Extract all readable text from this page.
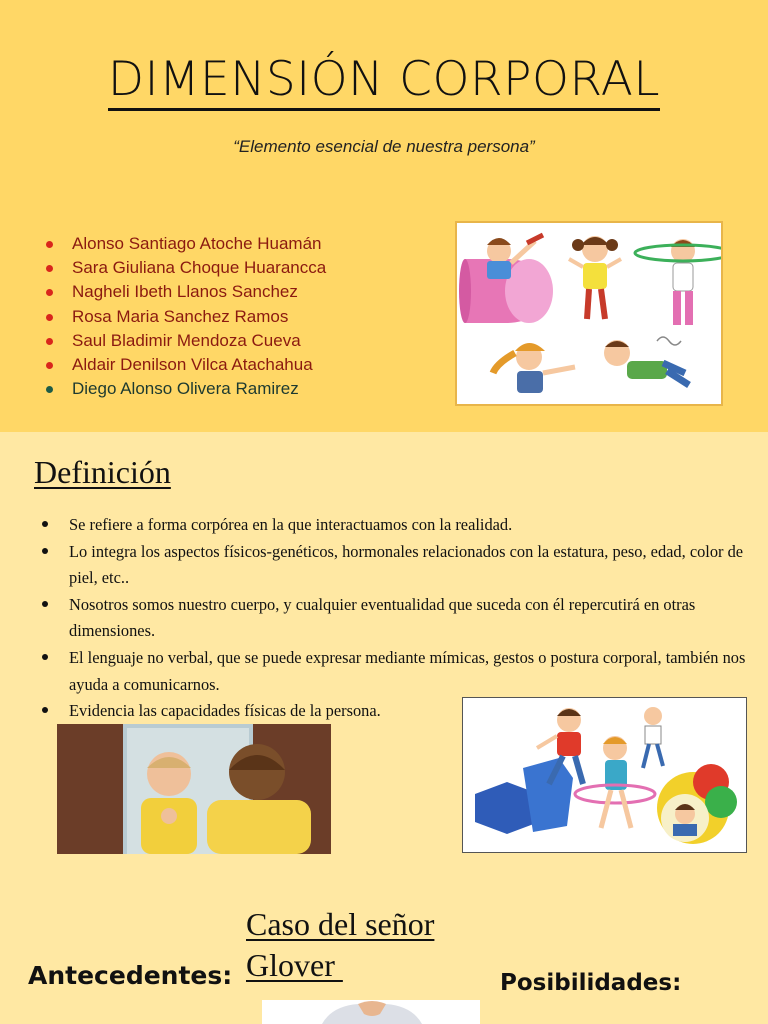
DIMENSIÓN CORPORAL
“Elemento esencial de nuestra persona”
Alonso Santiago Atoche Huamán
Sara Giuliana Choque Huarancca
Nagheli Ibeth Llanos Sanchez
Rosa Maria Sanchez Ramos
Saul Bladimir Mendoza Cueva
Aldair Denilson Vilca Atachahua
Diego Alonso Olivera Ramirez
Definición
Se refiere a forma corpórea en la que interactuamos con la realidad.
Lo integra los aspectos físicos-genéticos, hormonales relacionados con la estatura, peso, edad, color de piel, etc..
Nosotros somos nuestro cuerpo, y cualquier eventualidad que suceda con él repercutirá en otras dimensiones.
El lenguaje no verbal, que se puede expresar mediante mímicas, gestos o postura corporal, también nos ayuda a comunicarnos.
Evidencia las capacidades físicas de la persona.
Caso del señor
Glover
Antecedentes:	Posibilidades:
